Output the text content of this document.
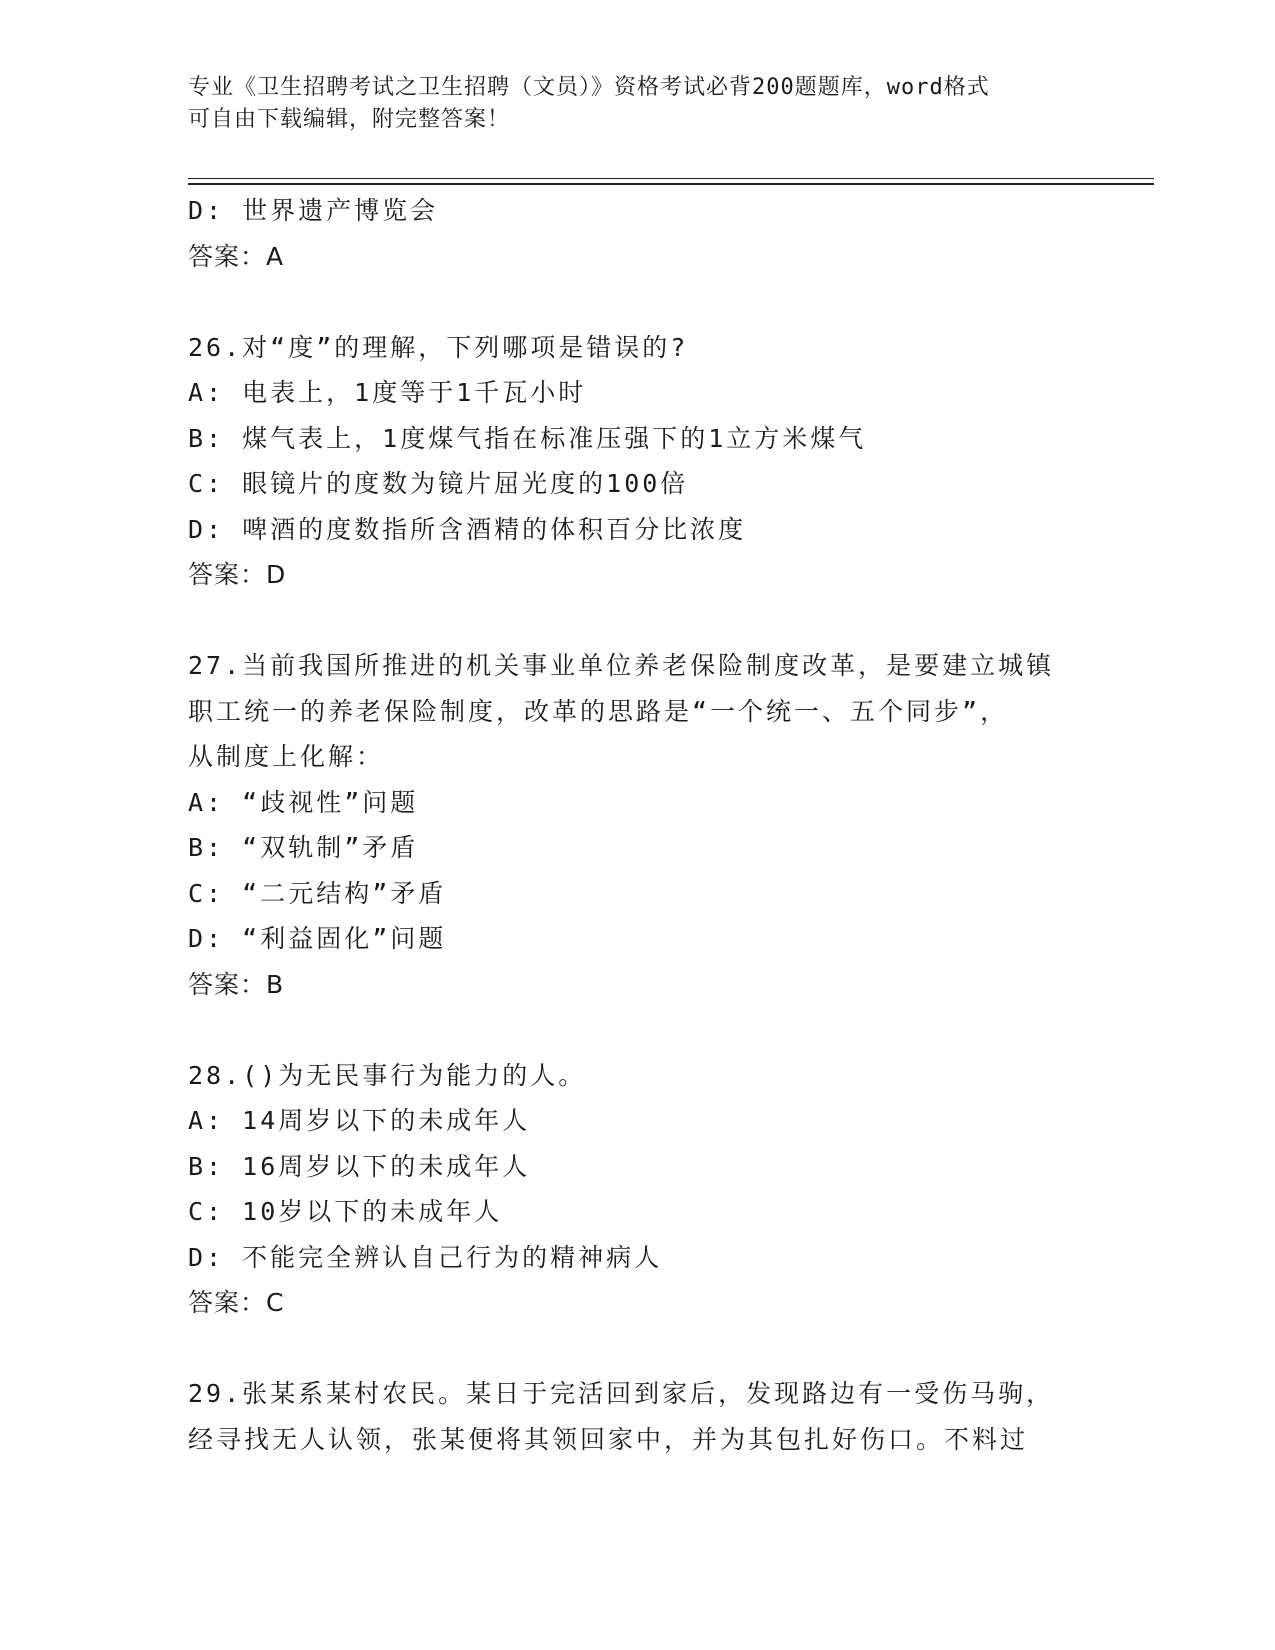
专业《卫生招聘考试之卫生招聘（文员）》资格考试必背200题题库，word格式
可自由下载编辑，附完整答案！
D: 世界遗产博览会
答案：A
26.对“度”的理解，下列哪项是错误的?
A: 电表上，1度等于1千瓦小时
B: 煤气表上，1度煤气指在标准压强下的1立方米煤气
C: 眼镜片的度数为镜片屈光度的100倍
D: 啤酒的度数指所含酒精的体积百分比浓度
答案：D
27.当前我国所推进的机关事业单位养老保险制度改革，是要建立城镇
职工统一的养老保险制度，改革的思路是“一个统一、五个同步”，
从制度上化解：
A: “歧视性”问题
B: “双轨制”矛盾
C: “二元结构”矛盾
D: “利益固化”问题
答案：B
28.()为无民事行为能力的人。
A: 14周岁以下的未成年人
B: 16周岁以下的未成年人
C: 10岁以下的未成年人
D: 不能完全辨认自己行为的精神病人
答案：C
29.张某系某村农民。某日于完活回到家后，发现路边有一受伤马驹，
经寻找无人认领，张某便将其领回家中，并为其包扎好伤口。不料过
